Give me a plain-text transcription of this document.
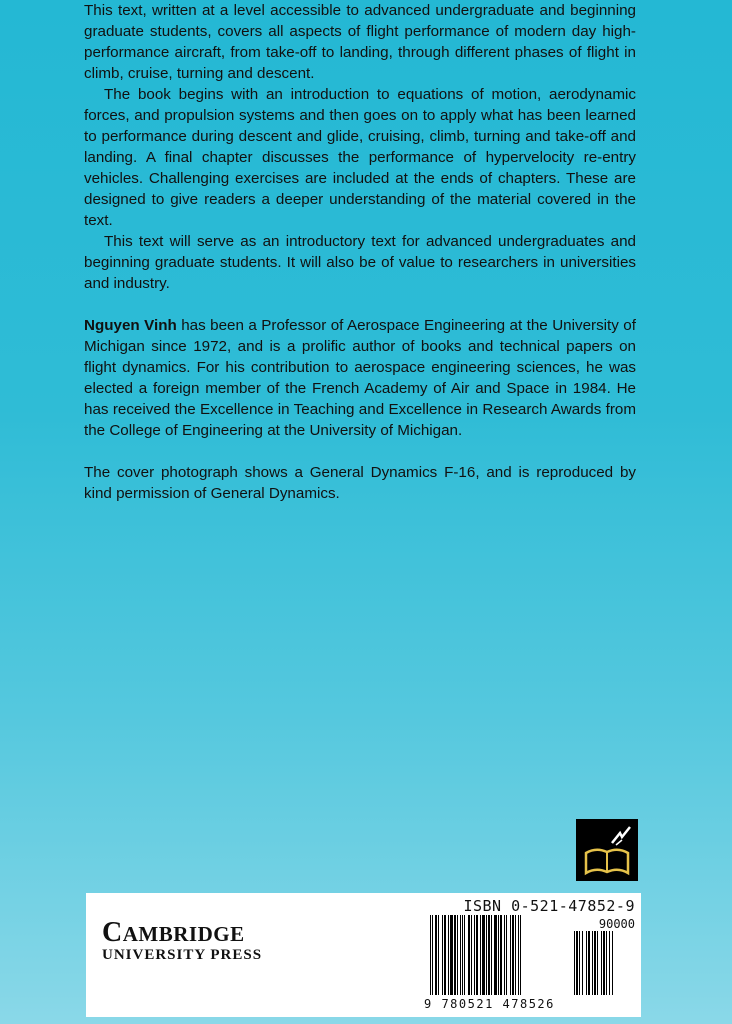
This text, written at a level accessible to advanced undergraduate and beginning graduate students, covers all aspects of flight performance of modern day high-performance aircraft, from take-off to landing, through different phases of flight in climb, cruise, turning and descent.

The book begins with an introduction to equations of motion, aerodynamic forces, and propulsion systems and then goes on to apply what has been learned to performance during descent and glide, cruising, climb, turning and take-off and landing. A final chapter discusses the performance of hypervelocity re-entry vehicles. Challenging exercises are included at the ends of chapters. These are designed to give readers a deeper understanding of the material covered in the text.

This text will serve as an introductory text for advanced undergraduates and beginning graduate students. It will also be of value to researchers in universities and industry.

Nguyen Vinh has been a Professor of Aerospace Engineering at the University of Michigan since 1972, and is a prolific author of books and technical papers on flight dynamics. For his contribution to aerospace engineering sciences, he was elected a foreign member of the French Academy of Air and Space in 1984. He has received the Excellence in Teaching and Excellence in Research Awards from the College of Engineering at the University of Michigan.

The cover photograph shows a General Dynamics F-16, and is reproduced by kind permission of General Dynamics.

CAMBRIDGE
UNIVERSITY PRESS
ISBN 0-521-47852-9
90000
9 780521 478526
